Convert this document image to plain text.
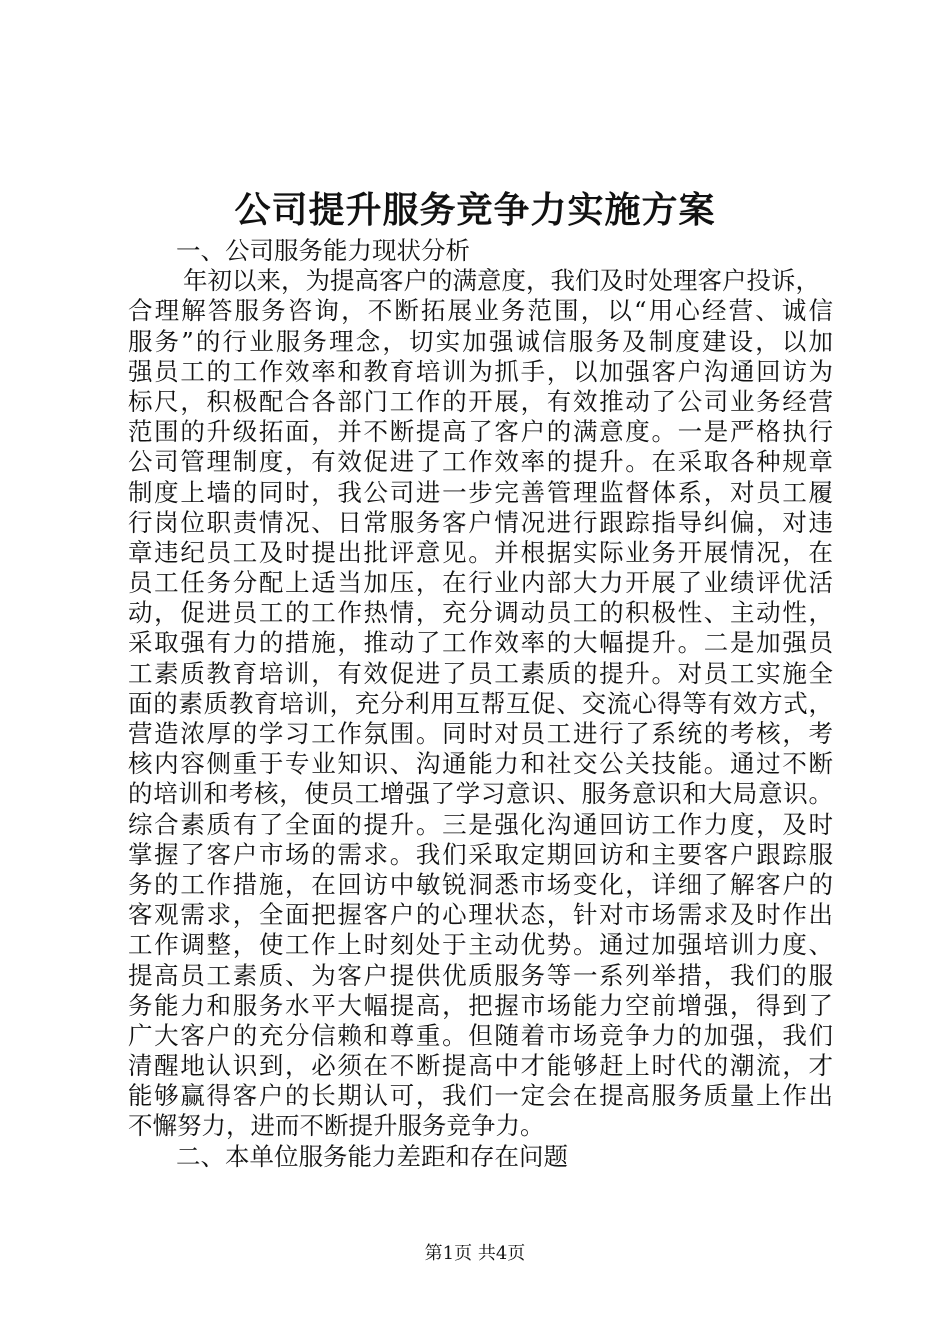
公司提升服务竞争力实施方案
一、公司服务能力现状分析
年初以来，为提高客户的满意度，我们及时处理客户投诉，
合理解答服务咨询，不断拓展业务范围，以“用心经营、诚信
服务”的行业服务理念，切实加强诚信服务及制度建设，以加
强员工的工作效率和教育培训为抓手，以加强客户沟通回访为
标尺，积极配合各部门工作的开展，有效推动了公司业务经营
范围的升级拓面，并不断提高了客户的满意度。一是严格执行
公司管理制度，有效促进了工作效率的提升。在采取各种规章
制度上墙的同时，我公司进一步完善管理监督体系，对员工履
行岗位职责情况、日常服务客户情况进行跟踪指导纠偏，对违
章违纪员工及时提出批评意见。并根据实际业务开展情况，在
员工任务分配上适当加压，在行业内部大力开展了业绩评优活
动，促进员工的工作热情，充分调动员工的积极性、主动性，
采取强有力的措施，推动了工作效率的大幅提升。二是加强员
工素质教育培训，有效促进了员工素质的提升。对员工实施全
面的素质教育培训，充分利用互帮互促、交流心得等有效方式，
营造浓厚的学习工作氛围。同时对员工进行了系统的考核，考
核内容侧重于专业知识、沟通能力和社交公关技能。通过不断
的培训和考核，使员工增强了学习意识、服务意识和大局意识。
综合素质有了全面的提升。三是强化沟通回访工作力度，及时
掌握了客户市场的需求。我们采取定期回访和主要客户跟踪服
务的工作措施，在回访中敏锐洞悉市场变化，详细了解客户的
客观需求，全面把握客户的心理状态，针对市场需求及时作出
工作调整，使工作上时刻处于主动优势。通过加强培训力度、
提高员工素质、为客户提供优质服务等一系列举措，我们的服
务能力和服务水平大幅提高，把握市场能力空前增强，得到了
广大客户的充分信赖和尊重。但随着市场竞争力的加强，我们
清醒地认识到，必须在不断提高中才能够赶上时代的潮流，才
能够赢得客户的长期认可，我们一定会在提高服务质量上作出
不懈努力，进而不断提升服务竞争力。
二、本单位服务能力差距和存在问题
第1页 共4页
